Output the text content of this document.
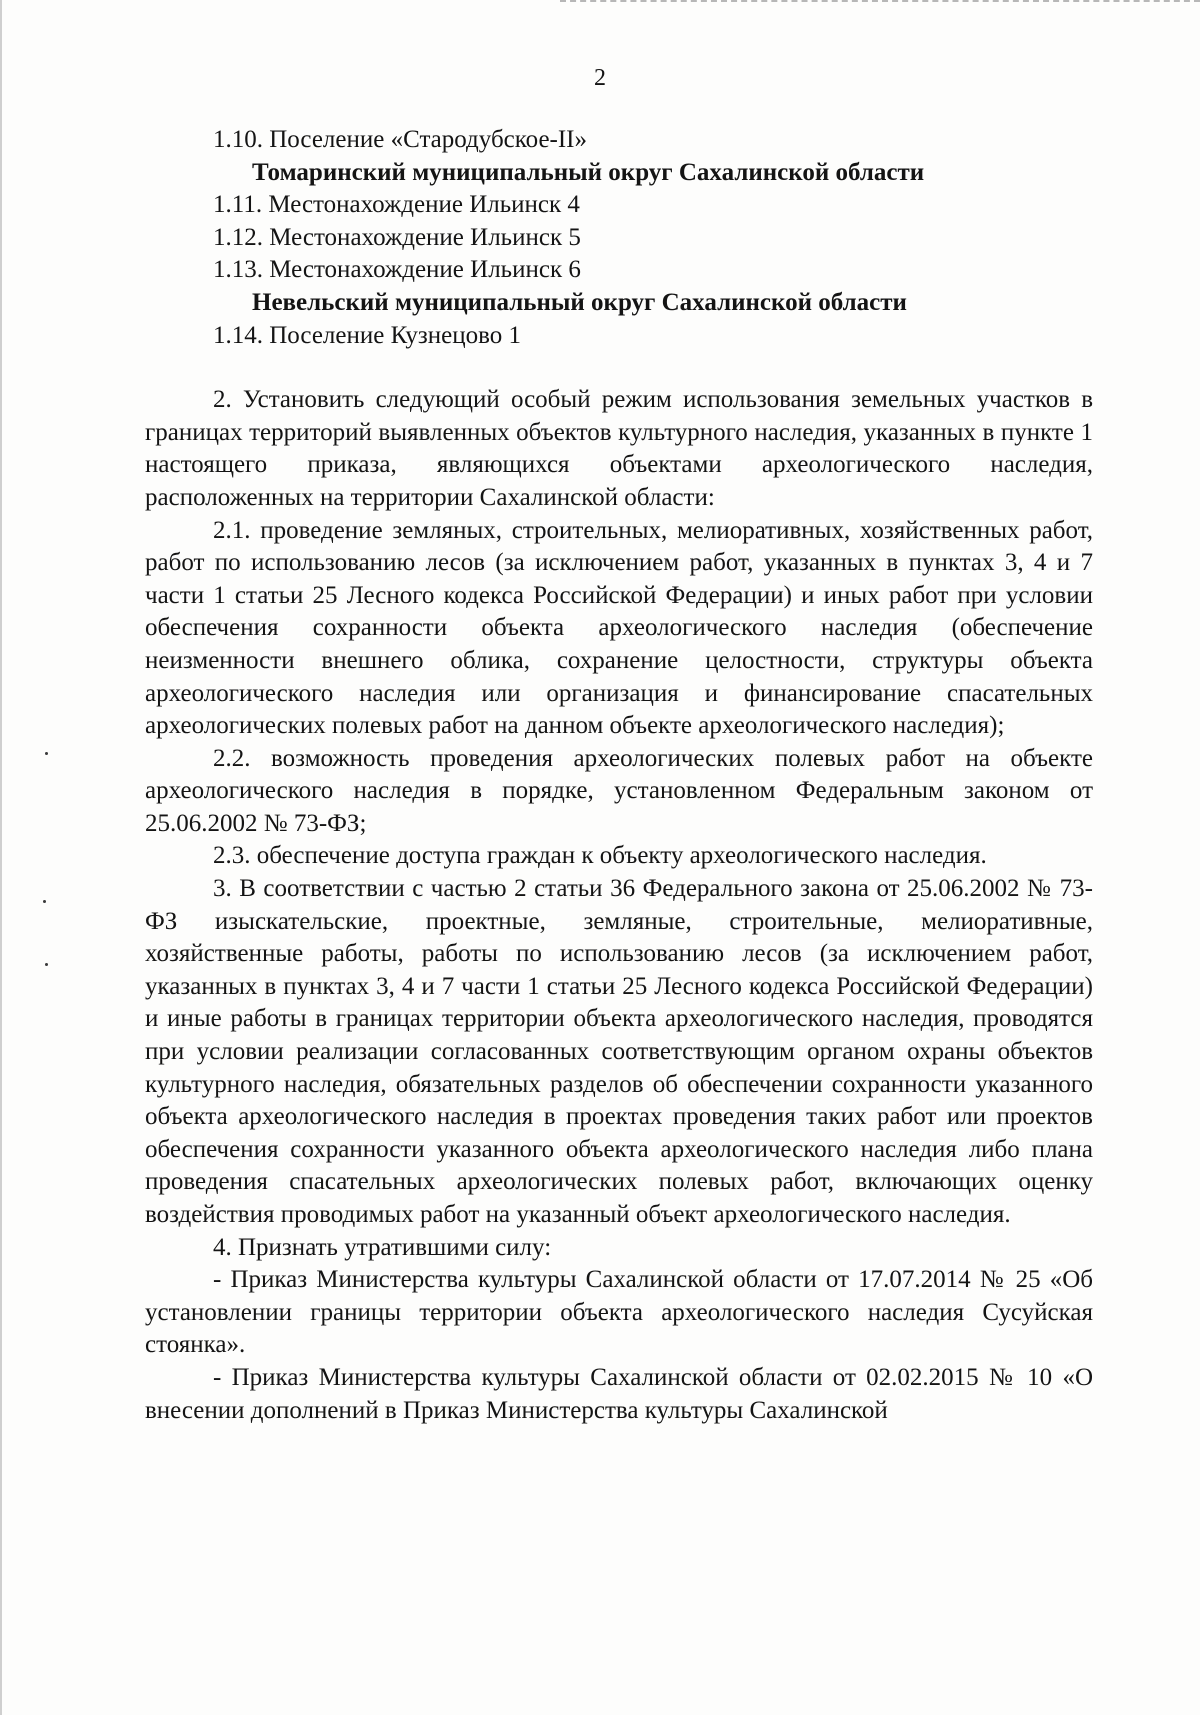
2

1.10. Поселение «Стародубское-II»

Томаринский муниципальный округ Сахалинской области

1.11. Местонахождение Ильинск 4

1.12. Местонахождение Ильинск 5

1.13. Местонахождение Ильинск 6

Невельский муниципальный округ Сахалинской области

1.14. Поселение Кузнецово 1

2. Установить следующий особый режим использования земельных участков в границах территорий выявленных объектов культурного наследия, указанных в пункте 1 настоящего приказа, являющихся объектами археологического наследия, расположенных на территории Сахалинской области:

2.1. проведение земляных, строительных, мелиоративных, хозяйственных работ, работ по использованию лесов (за исключением работ, указанных в пунктах 3, 4 и 7 части 1 статьи 25 Лесного кодекса Российской Федерации) и иных работ при условии обеспечения сохранности объекта археологического наследия (обеспечение неизменности внешнего облика, сохранение целостности, структуры объекта археологического наследия или организация и финансирование спасательных археологических полевых работ на данном объекте археологического наследия);

2.2. возможность проведения археологических полевых работ на объекте археологического наследия в порядке, установленном Федеральным законом от 25.06.2002 № 73-ФЗ;

2.3. обеспечение доступа граждан к объекту археологического наследия.

3. В соответствии с частью 2 статьи 36 Федерального закона от 25.06.2002 № 73-ФЗ изыскательские, проектные, земляные, строительные, мелиоративные, хозяйственные работы, работы по использованию лесов (за исключением работ, указанных в пунктах 3, 4 и 7 части 1 статьи 25 Лесного кодекса Российской Федерации) и иные работы в границах территории объекта археологического наследия, проводятся при условии реализации согласованных соответствующим органом охраны объектов культурного наследия, обязательных разделов об обеспечении сохранности указанного объекта археологического наследия в проектах проведения таких работ или проектов обеспечения сохранности указанного объекта археологического наследия либо плана проведения спасательных археологических полевых работ, включающих оценку воздействия проводимых работ на указанный объект археологического наследия.

4. Признать утратившими силу:

- Приказ Министерства культуры Сахалинской области от 17.07.2014 № 25 «Об установлении границы территории объекта археологического наследия Сусуйская стоянка».

- Приказ Министерства культуры Сахалинской области от 02.02.2015 № 10 «О внесении дополнений в Приказ Министерства культуры Сахалинской
